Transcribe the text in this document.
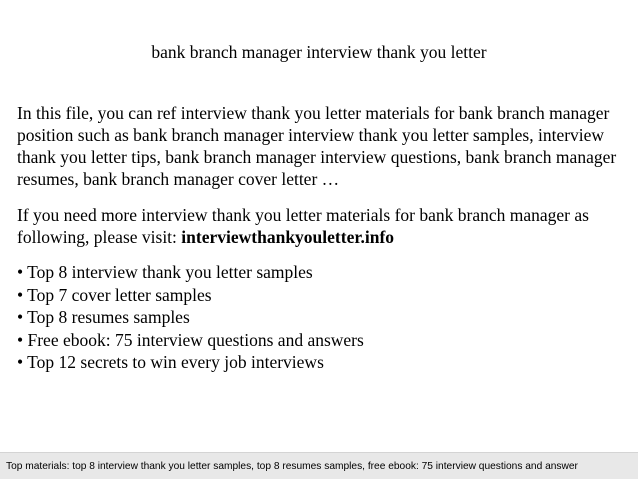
bank branch manager interview thank you letter

In this file, you can ref interview thank you letter materials for bank branch manager position such as bank branch manager interview thank you letter samples, interview thank you letter tips, bank branch manager interview questions, bank branch manager resumes, bank branch manager cover letter …

If you need more interview thank you letter materials for bank branch manager as following, please visit: interviewthankyouletter.info

• Top 8 interview thank you letter samples
• Top 7 cover letter samples
• Top 8 resumes samples
• Free ebook: 75 interview questions and answers
• Top 12 secrets to win every job interviews
Top materials: top 8 interview thank you letter samples, top 8 resumes samples, free ebook: 75 interview questions and answer
